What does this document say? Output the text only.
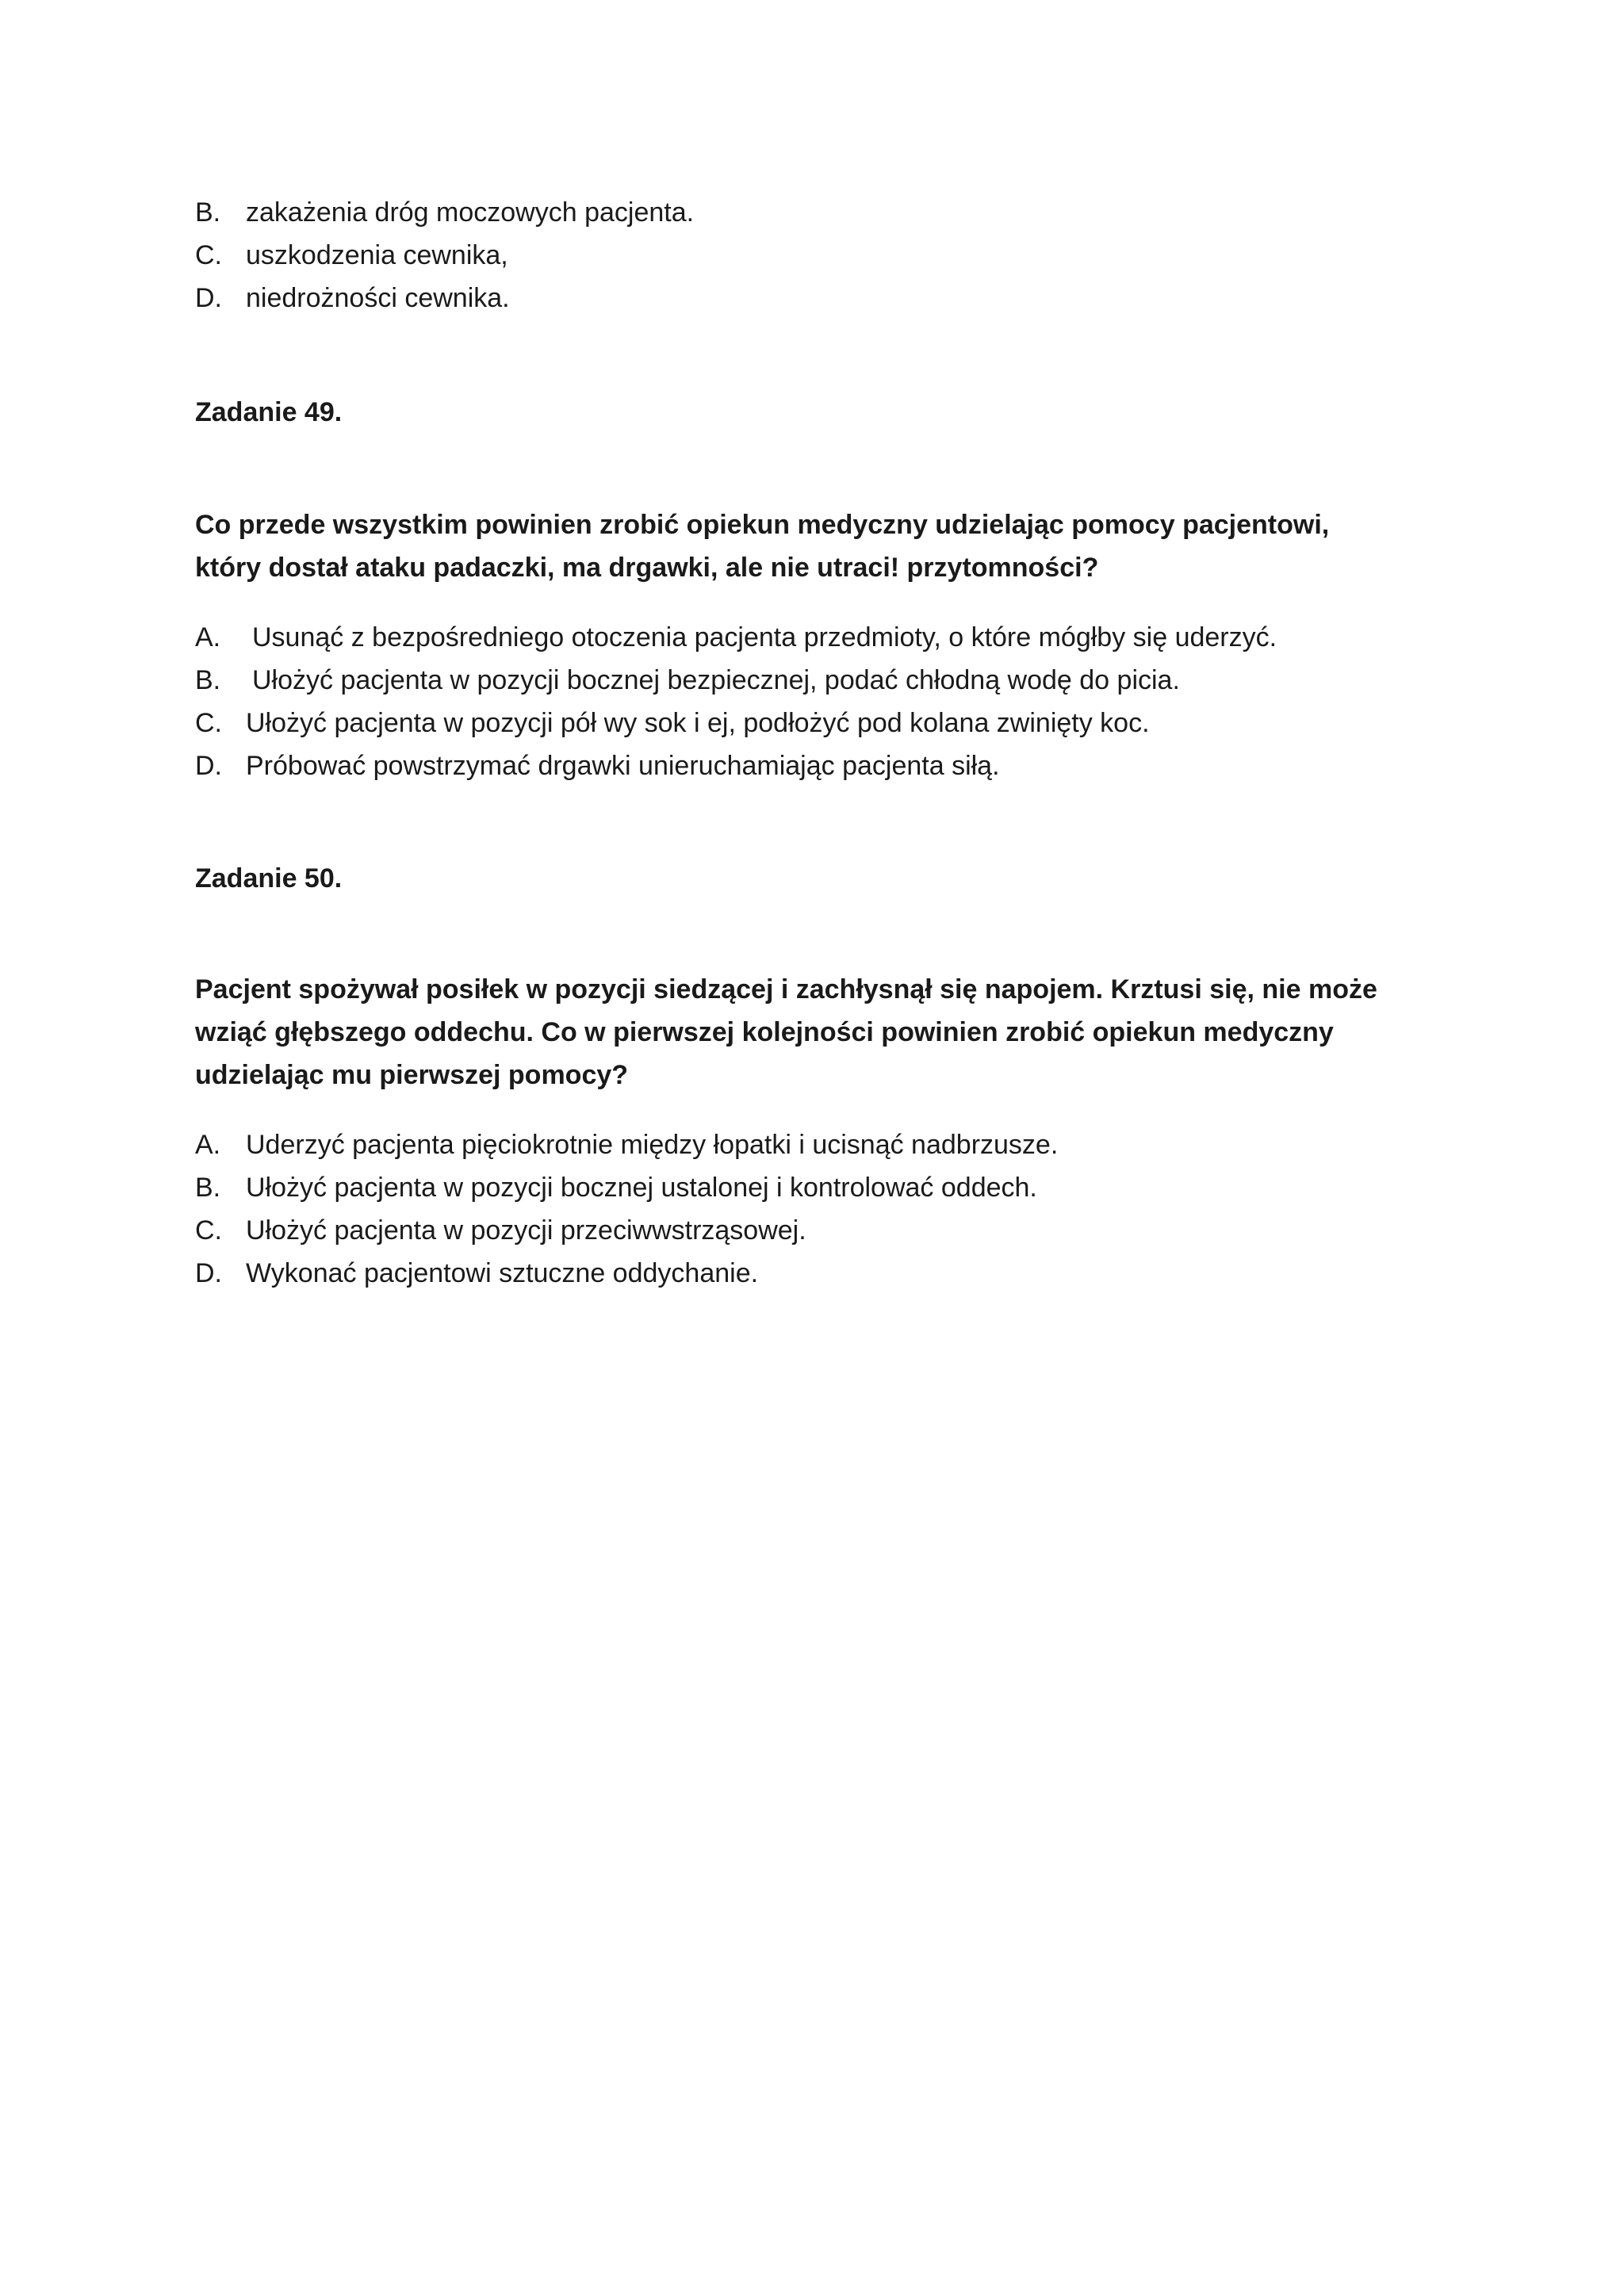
B. zakażenia dróg moczowych pacjenta.
C. uszkodzenia cewnika,
D. niedrożności cewnika.
Zadanie 49.
Co przede wszystkim powinien zrobić opiekun medyczny udzielając pomocy pacjentowi,
który dostał ataku padaczki, ma drgawki, ale nie utraci! przytomności?
A. Usunąć z bezpośredniego otoczenia pacjenta przedmioty, o które mógłby się uderzyć.
B. Ułożyć pacjenta w pozycji bocznej bezpiecznej, podać chłodną wodę do picia.
C. Ułożyć pacjenta w pozycji pół wy sok i ej, podłożyć pod kolana zwinięty koc.
D. Próbować powstrzymać drgawki unieruchamiając pacjenta siłą.
Zadanie 50.
Pacjent spożywał posiłek w pozycji siedzącej i zachłysnął się napojem. Krztusi się, nie może
wziąć głębszego oddechu. Co w pierwszej kolejności powinien zrobić opiekun medyczny
udzielając mu pierwszej pomocy?
A. Uderzyć pacjenta pięciokrotnie między łopatki i ucisnąć nadbrzusze.
B. Ułożyć pacjenta w pozycji bocznej ustalonej i kontrolować oddech.
C. Ułożyć pacjenta w pozycji przeciwwstrząsowej.
D. Wykonać pacjentowi sztuczne oddychanie.
